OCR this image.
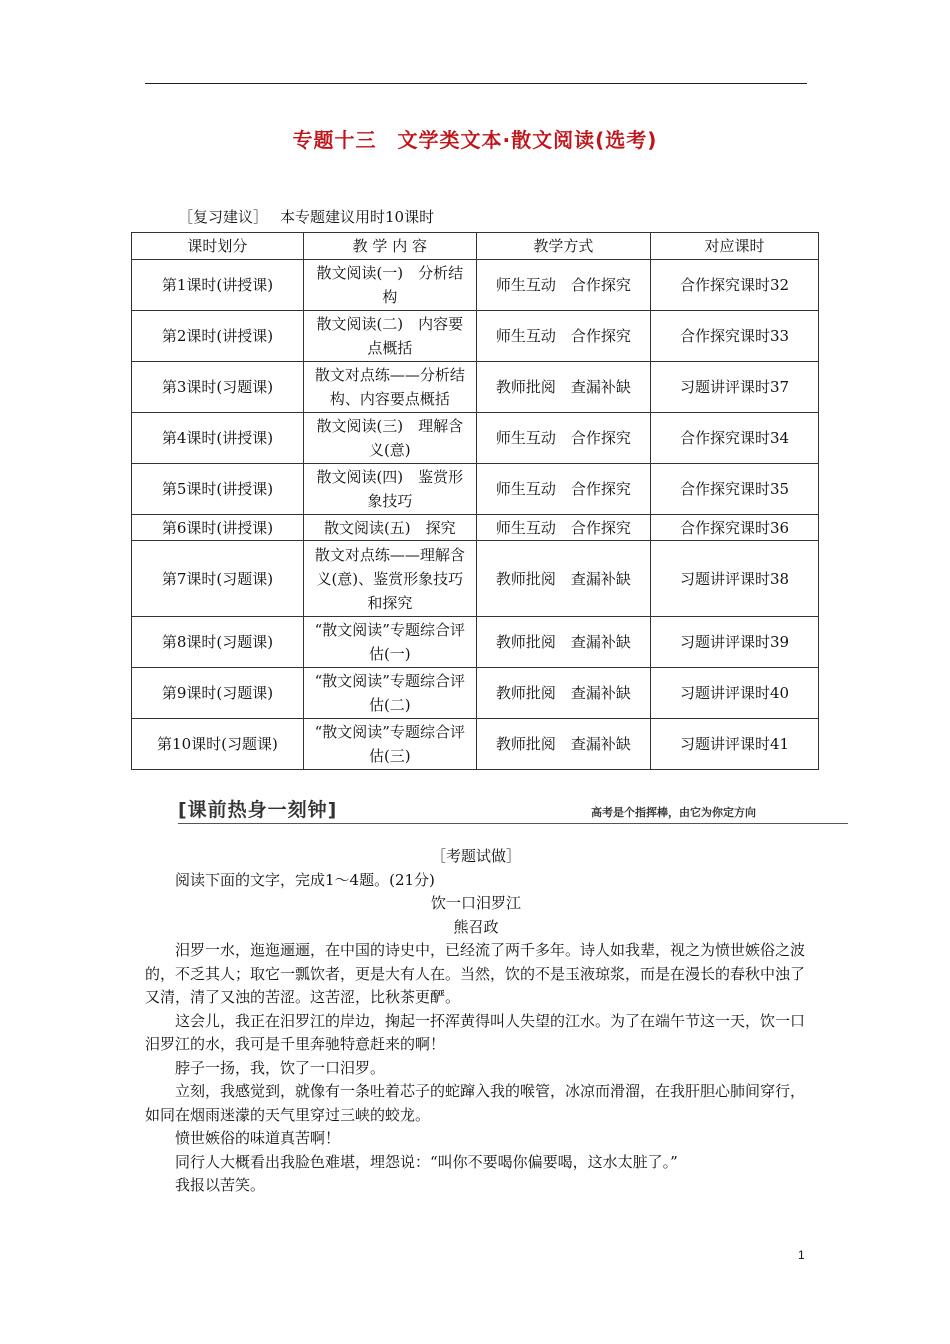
专题十三　文学类文本·散文阅读(选考)
［复习建议］ 本专题建议用时10课时
课时划分	教 学 内 容	教学方式	对应课时
第1课时(讲授课)	散文阅读(一)　分析结构	师生互动　合作探究	合作探究课时32
第2课时(讲授课)	散文阅读(二)　内容要点概括	师生互动　合作探究	合作探究课时33
第3课时(习题课)	散文对点练——分析结构、内容要点概括	教师批阅　查漏补缺	习题讲评课时37
第4课时(讲授课)	散文阅读(三)　理解含义(意)	师生互动　合作探究	合作探究课时34
第5课时(讲授课)	散文阅读(四)　鉴赏形象技巧	师生互动　合作探究	合作探究课时35
第6课时(讲授课)	散文阅读(五)　探究	师生互动　合作探究	合作探究课时36
第7课时(习题课)	散文对点练——理解含义(意)、鉴赏形象技巧和探究	教师批阅　查漏补缺	习题讲评课时38
第8课时(习题课)	“散文阅读”专题综合评估(一)	教师批阅　查漏补缺	习题讲评课时39
第9课时(习题课)	“散文阅读”专题综合评估(二)	教师批阅　查漏补缺	习题讲评课时40
第10课时(习题课)	“散文阅读”专题综合评估(三)	教师批阅　查漏补缺	习题讲评课时41
[课前热身一刻钟]	高考是个指挥棒，由它为你定方向

［考题试做］

阅读下面的文字，完成1～4题。(21分)

饮一口汨罗江

熊召政

汨罗一水，迤迤逦逦，在中国的诗史中，已经流了两千多年。诗人如我辈，视之为愤世嫉俗之波的，不乏其人；取它一瓢饮者，更是大有人在。当然，饮的不是玉液琼浆，而是在漫长的春秋中浊了又清，清了又浊的苦涩。这苦涩，比秋茶更酽。

这会儿，我正在汨罗江的岸边，掬起一抔浑黄得叫人失望的江水。为了在端午节这一天，饮一口汨罗江的水，我可是千里奔驰特意赶来的啊！

脖子一扬，我，饮了一口汨罗。

立刻，我感觉到，就像有一条吐着芯子的蛇蹿入我的喉管，冰凉而滑溜，在我肝胆心肺间穿行，如同在烟雨迷濛的天气里穿过三峡的蛟龙。

愤世嫉俗的味道真苦啊！

同行人大概看出我脸色难堪，埋怨说：“叫你不要喝你偏要喝，这水太脏了。”

我报以苦笑。

1
